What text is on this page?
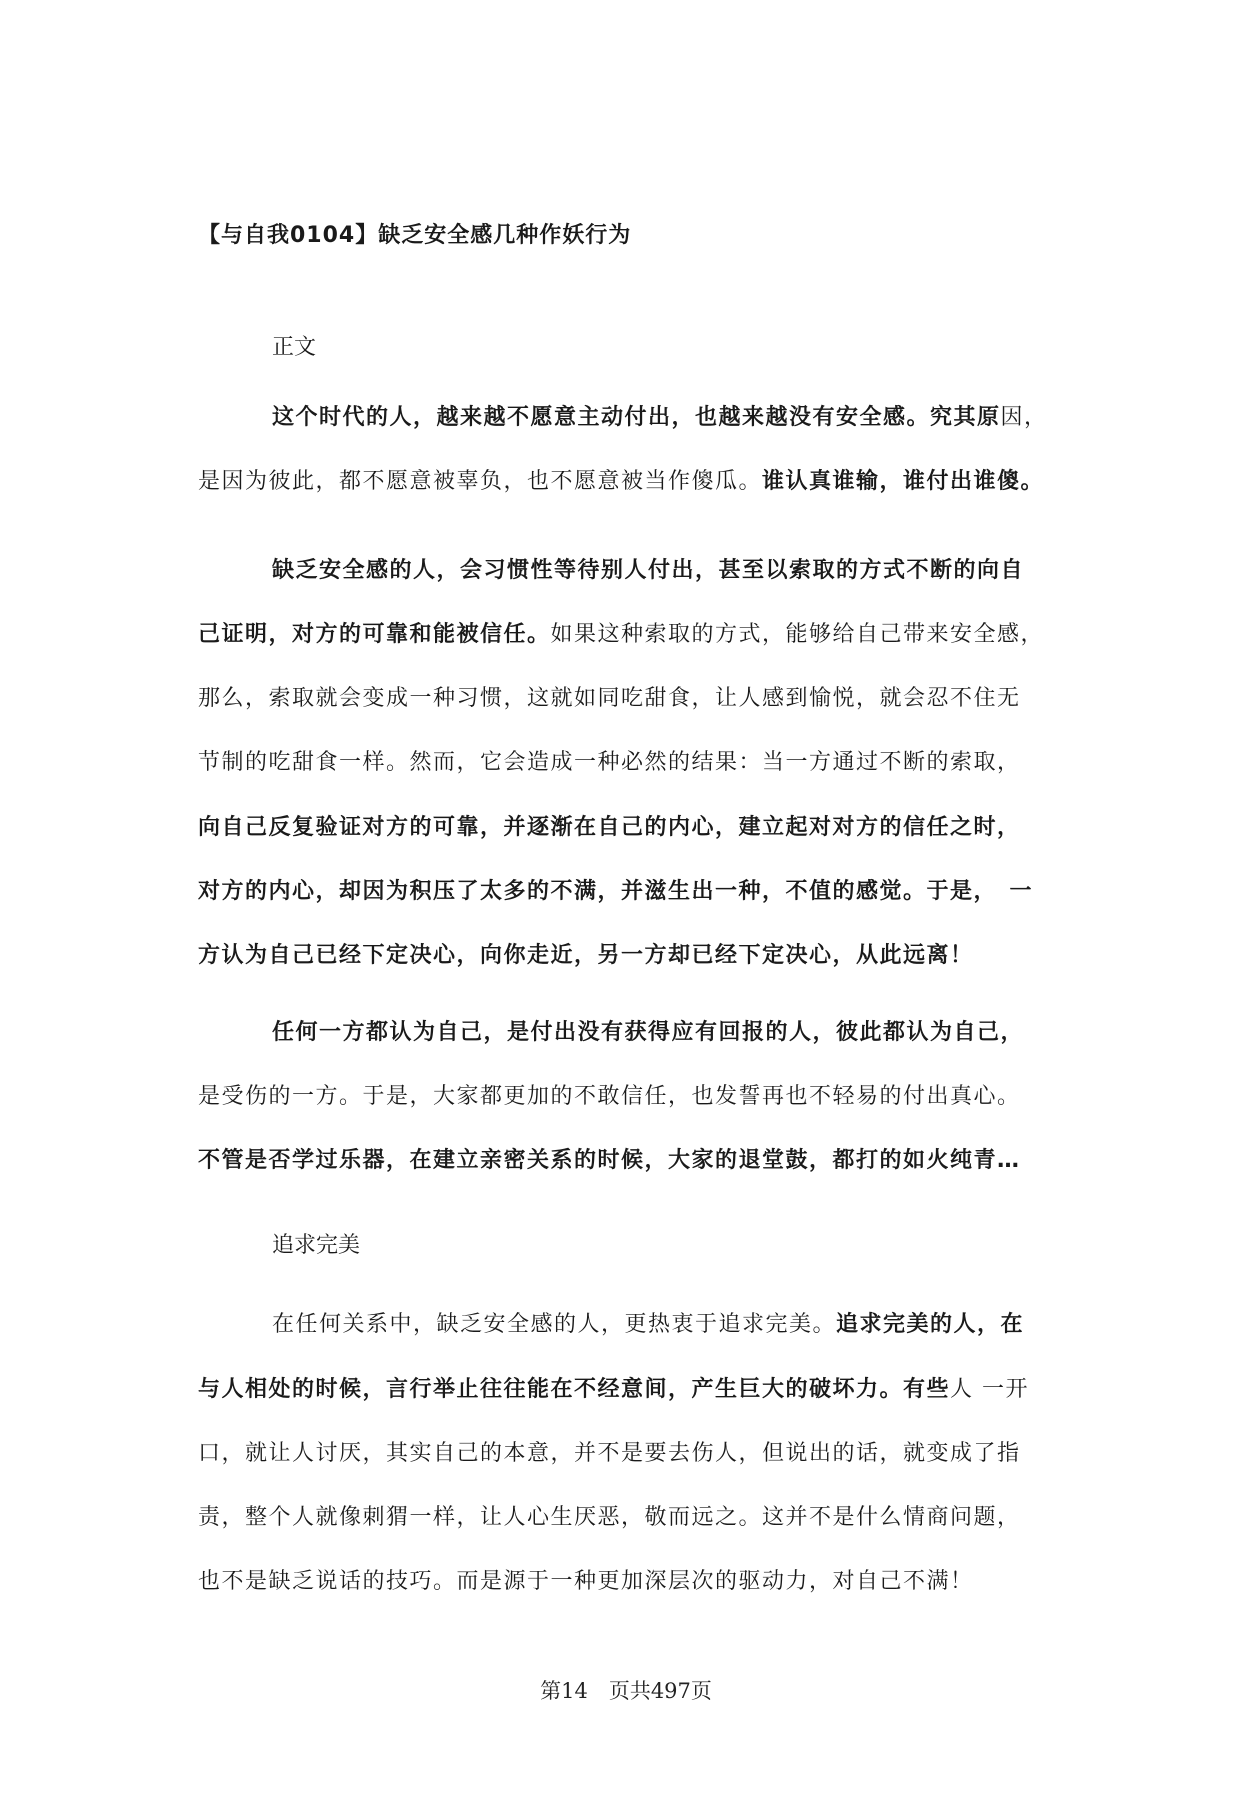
【与自我0104】缺乏安全感几种作妖行为
正文
这个时代的人，越来越不愿意主动付出，也越来越没有安全感。究其原因，
是因为彼此，都不愿意被辜负，也不愿意被当作傻瓜。谁认真谁输，谁付出谁傻。
缺乏安全感的人，会习惯性等待别人付出，甚至以索取的方式不断的向自
己证明，对方的可靠和能被信任。如果这种索取的方式，能够给自己带来安全感，
那么，索取就会变成一种习惯，这就如同吃甜食，让人感到愉悦，就会忍不住无
节制的吃甜食一样。然而，它会造成一种必然的结果：当一方通过不断的索取，
向自己反复验证对方的可靠，并逐渐在自己的内心，建立起对对方的信任之时，
对方的内心，却因为积压了太多的不满，并滋生出一种，不值的感觉。于是，　一
方认为自己已经下定决心，向你走近，另一方却已经下定决心，从此远离！
任何一方都认为自己，是付出没有获得应有回报的人，彼此都认为自己，
是受伤的一方。于是，大家都更加的不敢信任，也发誓再也不轻易的付出真心。
不管是否学过乐器，在建立亲密关系的时候，大家的退堂鼓，都打的如火纯青…
追求完美
在任何关系中，缺乏安全感的人，更热衷于追求完美。追求完美的人，在
与人相处的时候，言行举止往往能在不经意间，产生巨大的破坏力。有些人 一开
口，就让人讨厌，其实自己的本意，并不是要去伤人，但说出的话，就变成了指
责，整个人就像刺猬一样，让人心生厌恶，敬而远之。这并不是什么情商问题，
也不是缺乏说话的技巧。而是源于一种更加深层次的驱动力，对自己不满！
第14　页共497页
